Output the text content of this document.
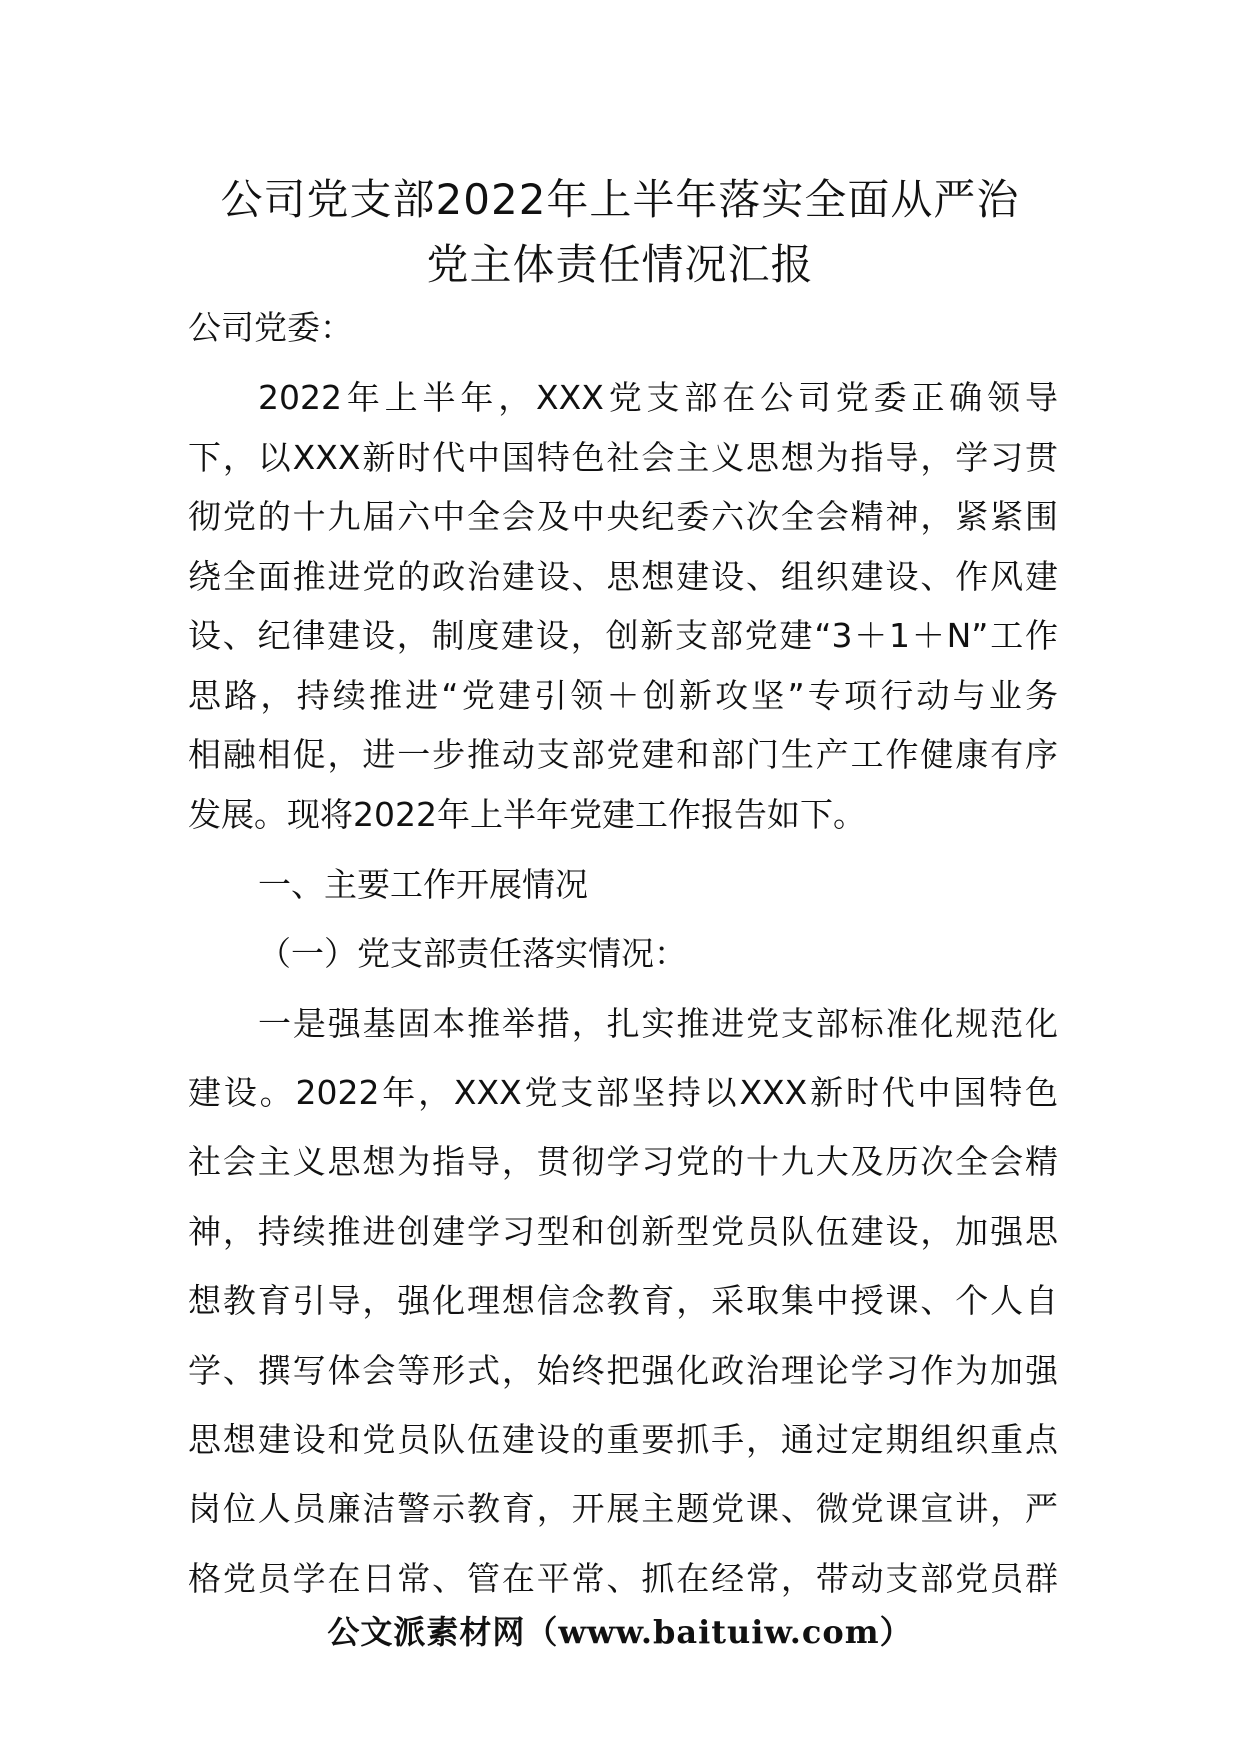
公司党支部2022年上半年落实全面从严治
党主体责任情况汇报
公司党委：
2022年上半年，XXX党支部在公司党委正确领导
下，以XXX新时代中国特色社会主义思想为指导，学习贯
彻党的十九届六中全会及中央纪委六次全会精神，紧紧围
绕全面推进党的政治建设、思想建设、组织建设、作风建
设、纪律建设，制度建设，创新支部党建“3＋1＋N”工作
思路，持续推进“党建引领＋创新攻坚”专项行动与业务
相融相促，进一步推动支部党建和部门生产工作健康有序
发展。现将2022年上半年党建工作报告如下。
一、主要工作开展情况
（一）党支部责任落实情况：
一是强基固本推举措，扎实推进党支部标准化规范化
建设。2022年，XXX党支部坚持以XXX新时代中国特色
社会主义思想为指导，贯彻学习党的十九大及历次全会精
神，持续推进创建学习型和创新型党员队伍建设，加强思
想教育引导，强化理想信念教育，采取集中授课、个人自
学、撰写体会等形式，始终把强化政治理论学习作为加强
思想建设和党员队伍建设的重要抓手，通过定期组织重点
岗位人员廉洁警示教育，开展主题党课、微党课宣讲，严
格党员学在日常、管在平常、抓在经常，带动支部党员群
公文派素材网（www.baituiw.com）
